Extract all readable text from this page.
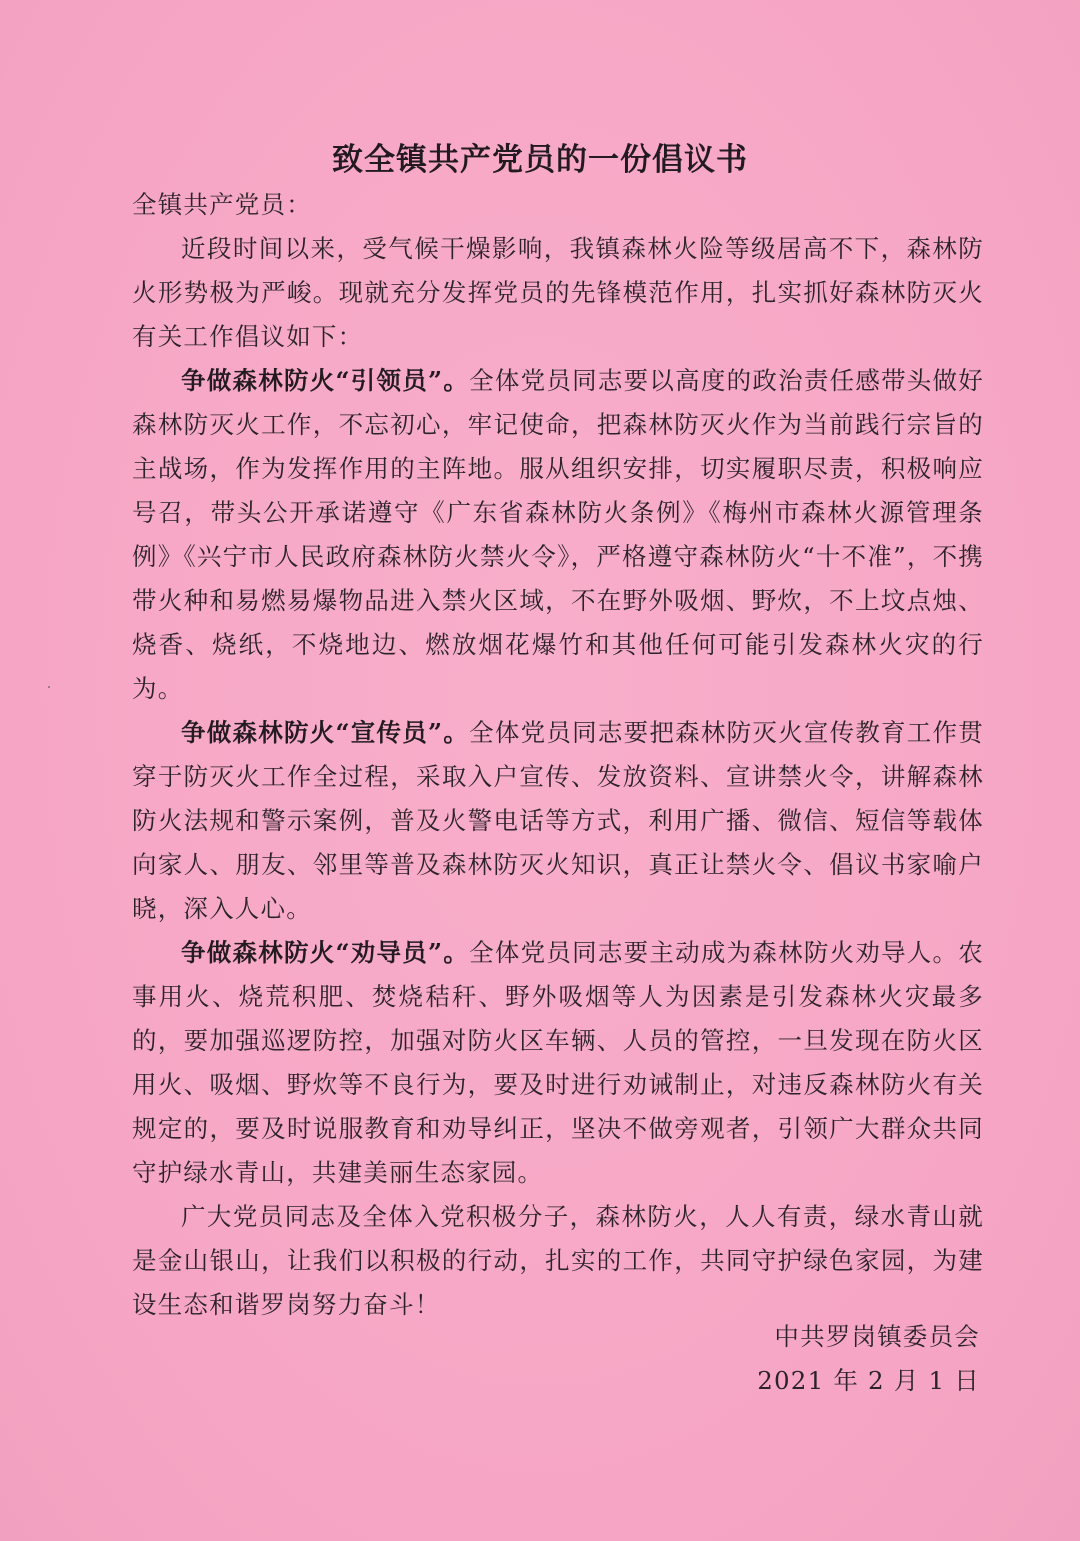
致全镇共产党员的一份倡议书

全镇共产党员：

近段时间以来，受气候干燥影响，我镇森林火险等级居高不下，森林防火形势极为严峻。现就充分发挥党员的先锋模范作用，扎实抓好森林防灭火有关工作倡议如下：

争做森林防火“引领员”。全体党员同志要以高度的政治责任感带头做好森林防灭火工作，不忘初心，牢记使命，把森林防灭火作为当前践行宗旨的主战场，作为发挥作用的主阵地。服从组织安排，切实履职尽责，积极响应号召，带头公开承诺遵守《广东省森林防火条例》《梅州市森林火源管理条例》《兴宁市人民政府森林防火禁火令》，严格遵守森林防火“十不准”，不携带火种和易燃易爆物品进入禁火区域，不在野外吸烟、野炊，不上坟点烛、烧香、烧纸，不烧地边、燃放烟花爆竹和其他任何可能引发森林火灾的行为。

争做森林防火“宣传员”。全体党员同志要把森林防灭火宣传教育工作贯穿于防灭火工作全过程，采取入户宣传、发放资料、宣讲禁火令，讲解森林防火法规和警示案例，普及火警电话等方式，利用广播、微信、短信等载体向家人、朋友、邻里等普及森林防灭火知识，真正让禁火令、倡议书家喻户晓，深入人心。

争做森林防火“劝导员”。全体党员同志要主动成为森林防火劝导人。农事用火、烧荒积肥、焚烧秸秆、野外吸烟等人为因素是引发森林火灾最多的，要加强巡逻防控，加强对防火区车辆、人员的管控，一旦发现在防火区用火、吸烟、野炊等不良行为，要及时进行劝诫制止，对违反森林防火有关规定的，要及时说服教育和劝导纠正，坚决不做旁观者，引领广大群众共同守护绿水青山，共建美丽生态家园。

广大党员同志及全体入党积极分子，森林防火，人人有责，绿水青山就是金山银山，让我们以积极的行动，扎实的工作，共同守护绿色家园，为建设生态和谐罗岗努力奋斗！

中共罗岗镇委员会
2021 年 2 月 1 日
